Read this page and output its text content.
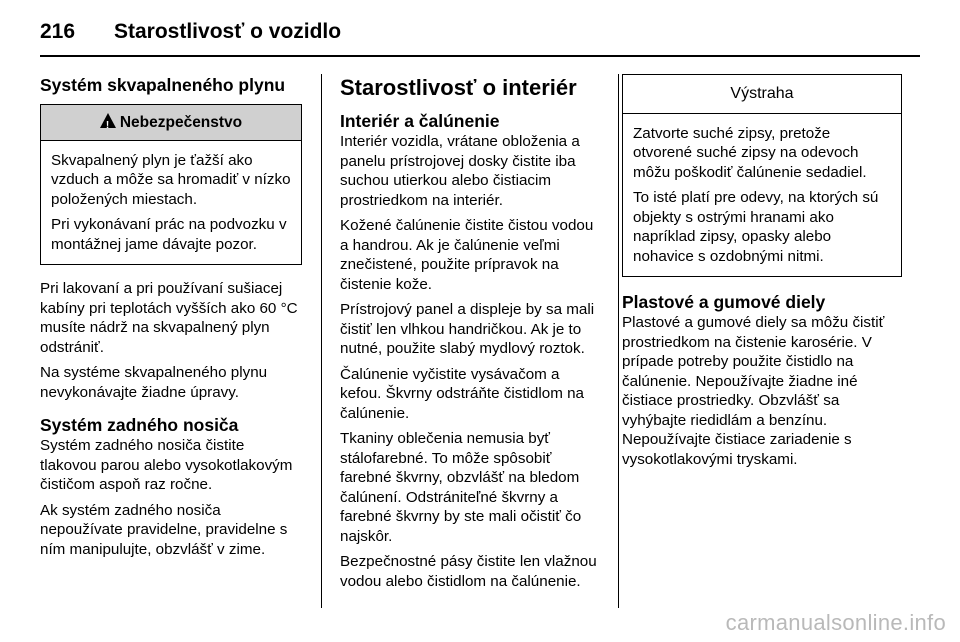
216 Starostlivosť o vozidlo
Systém skvapalneného plynu
!Nebezpečenstvo

Skvapalnený plyn je ťažší ako vzduch a môže sa hromadiť v nízko položených miestach.

Pri vykonávaní prác na podvozku v montážnej jame dávajte pozor.

Pri lakovaní a pri používaní sušiacej kabíny pri teplotách vyšších ako 60 °C musíte nádrž na skvapalnený plyn odstrániť.

Na systéme skvapalneného plynu nevykonávajte žiadne úpravy.

Systém zadného nosiča

Systém zadného nosiča čistite tlakovou parou alebo vysokotlakovým čističom aspoň raz ročne.

Ak systém zadného nosiča nepoužívate pravidelne, pravidelne s ním manipulujte, obzvlášť v zime.

Starostlivosť o interiér
Interiér a čalúnenie

Interiér vozidla, vrátane obloženia a panelu prístrojovej dosky čistite iba suchou utierkou alebo čistiacim prostriedkom na interiér.

Kožené čalúnenie čistite čistou vodou a handrou. Ak je čalúnenie veľmi znečistené, použite prípravok na čistenie kože.

Prístrojový panel a displeje by sa mali čistiť len vlhkou handričkou. Ak je to nutné, použite slabý mydlový roztok.

Čalúnenie vyčistite vysávačom a kefou. Škvrny odstráňte čistidlom na čalúnenie.

Tkaniny oblečenia nemusia byť stálofarebné. To môže spôsobiť farebné škvrny, obzvlášť na bledom čalúnení. Odstrániteľné škvrny a farebné škvrny by ste mali očistiť čo najskôr.

Bezpečnostné pásy čistite len vlažnou vodou alebo čistidlom na čalúnenie.

Výstraha

Zatvorte suché zipsy, pretože otvorené suché zipsy na odevoch môžu poškodiť čalúnenie sedadiel.

To isté platí pre odevy, na ktorých sú objekty s ostrými hranami ako napríklad zipsy, opasky alebo nohavice s ozdobnými nitmi.

Plastové a gumové diely

Plastové a gumové diely sa môžu čistiť prostriedkom na čistenie karosérie. V prípade potreby použite čistidlo na čalúnenie. Nepoužívajte žiadne iné čistiace prostriedky. Obzvlášť sa vyhýbajte riedidlám a benzínu. Nepoužívajte čistiace zariadenie s vysokotlakovými tryskami.

carmanualsonline.info
